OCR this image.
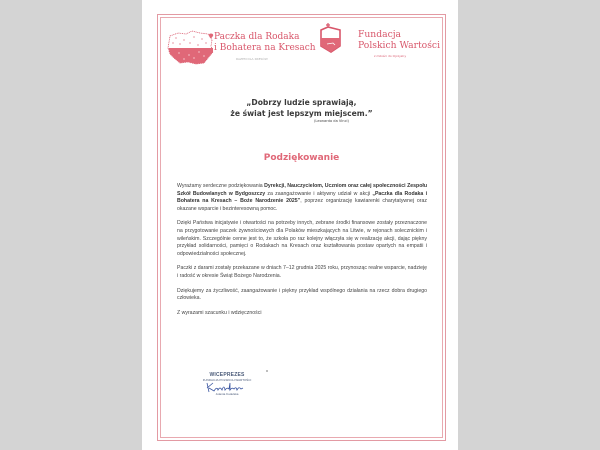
Paczka dla Rodaka
i Bohatera na Kresach
RAZEM DLA KRESÓW
Fundacja
Polskich Wartości
z miłości do Ojczyzny
„Dobrzy ludzie sprawiają,
że świat jest lepszym miejscem.”
(Leonardo da Vinci)
Podziękowanie

Wyrażamy serdeczne podziękowania Dyrekcji, Nauczycielom, Uczniom oraz całej społeczności Zespołu Szkół Budowlanych w Bydgoszczy za zaangażowanie i aktywny udział w akcji „Paczka dla Rodaka i Bohatera na Kresach – Boże Narodzenie 2025”, poprzez organizację kawiarenki charytatywnej oraz okazane wsparcie i bezinteresowną pomoc.

Dzięki Państwa inicjatywie i otwartości na potrzeby innych, zebrane środki finansowe zostały przeznaczone na przygotowanie paczek żywnościowych dla Polaków mieszkających na Litwie, w rejonach solecznickim i wileńskim. Szczególnie cenne jest to, że szkoła po raz kolejny włączyła się w realizację akcji, dając piękny przykład solidarności, pamięci o Rodakach na Kresach oraz kształtowania postaw opartych na empatii i odpowiedzialności społecznej.

Paczki z darami zostały przekazane w dniach 7–12 grudnia 2025 roku, przynosząc realne wsparcie, nadzieję i radość w okresie Świąt Bożego Narodzenia.

Dziękujemy za życzliwość, zaangażowanie i piękny przykład wspólnego działania na rzecz dobra drugiego człowieka.

Z wyrazami szacunku i wdzięczności

WICEPREZES
FUNDACJA POLSKICH WARTOŚCI
Jolanta Kudelska
